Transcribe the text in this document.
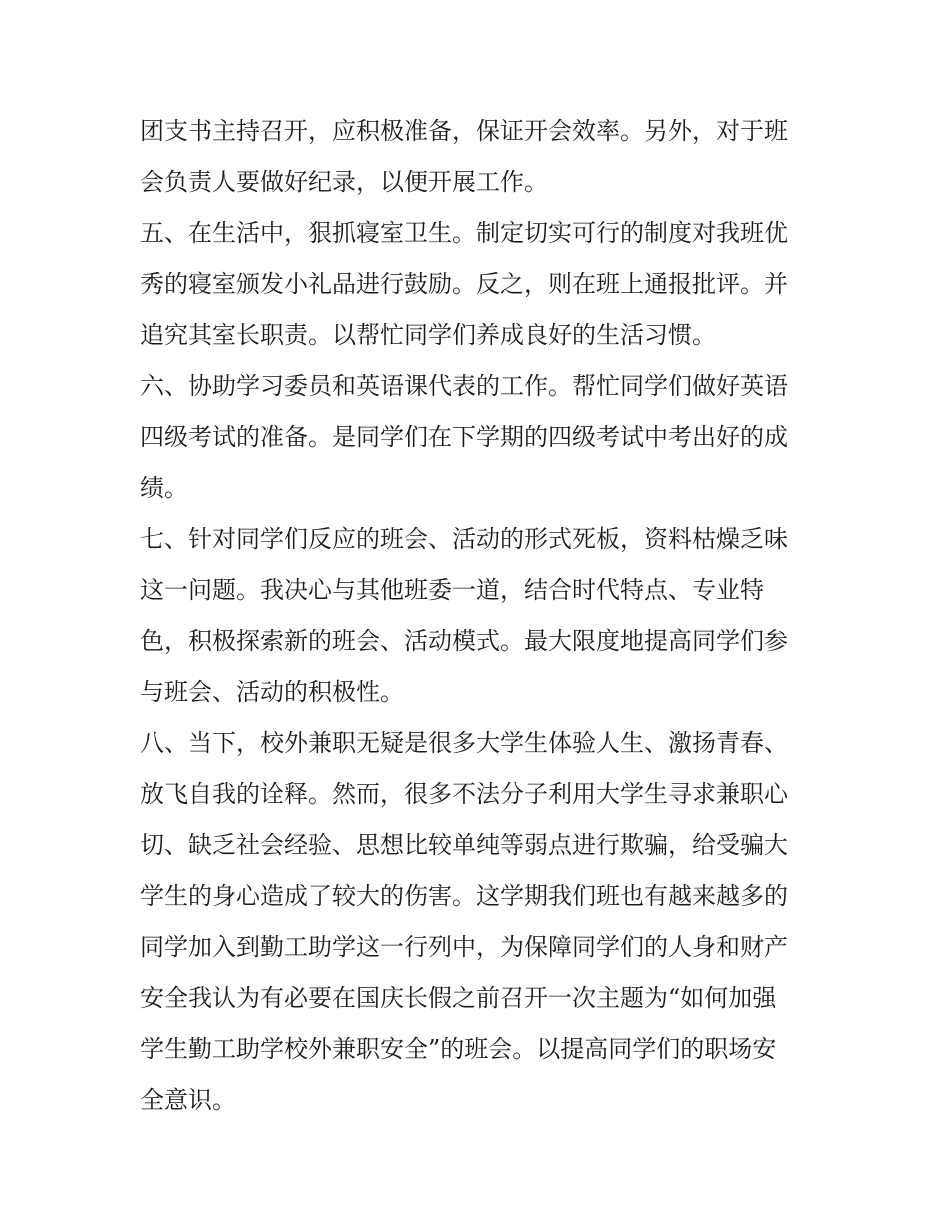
团支书主持召开，应积极准备，保证开会效率。另外，对于班
会负责人要做好纪录，以便开展工作。
五、在生活中，狠抓寝室卫生。制定切实可行的制度对我班优
秀的寝室颁发小礼品进行鼓励。反之，则在班上通报批评。并
追究其室长职责。以帮忙同学们养成良好的生活习惯。
六、协助学习委员和英语课代表的工作。帮忙同学们做好英语
四级考试的准备。是同学们在下学期的四级考试中考出好的成
绩。
七、针对同学们反应的班会、活动的形式死板，资料枯燥乏味
这一问题。我决心与其他班委一道，结合时代特点、专业特
色，积极探索新的班会、活动模式。最大限度地提高同学们参
与班会、活动的积极性。
八、当下，校外兼职无疑是很多大学生体验人生、激扬青春、
放飞自我的诠释。然而，很多不法分子利用大学生寻求兼职心
切、缺乏社会经验、思想比较单纯等弱点进行欺骗，给受骗大
学生的身心造成了较大的伤害。这学期我们班也有越来越多的
同学加入到勤工助学这一行列中，为保障同学们的人身和财产
安全我认为有必要在国庆长假之前召开一次主题为“如何加强
学生勤工助学校外兼职安全”的班会。以提高同学们的职场安
全意识。
